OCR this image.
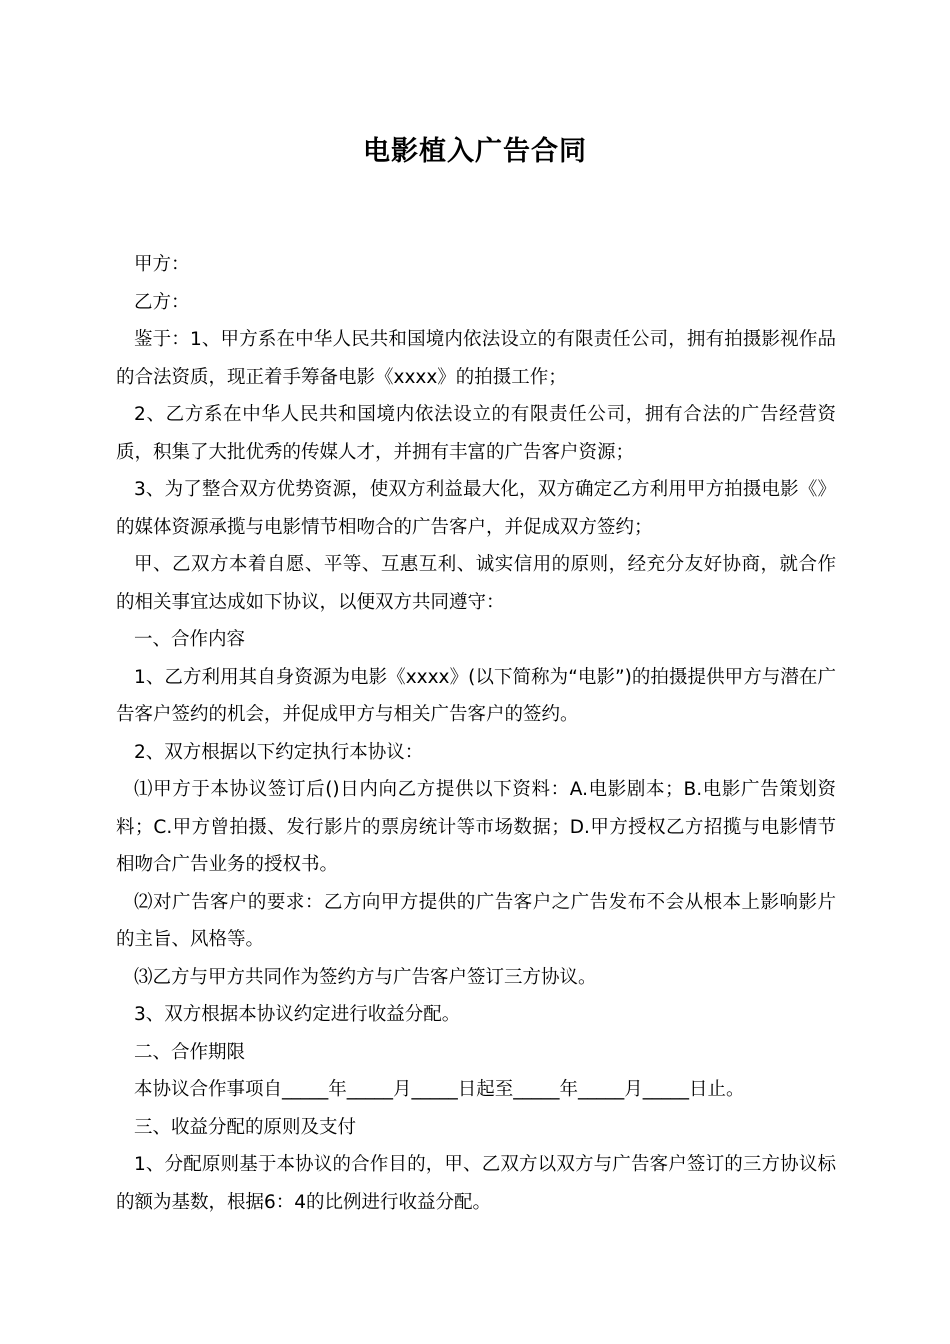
电影植入广告合同

甲方：

乙方：

鉴于：1、甲方系在中华人民共和国境内依法设立的有限责任公司，拥有拍摄影视作品的合法资质，现正着手筹备电影《xxxx》的拍摄工作；

2、乙方系在中华人民共和国境内依法设立的有限责任公司，拥有合法的广告经营资质，积集了大批优秀的传媒人才，并拥有丰富的广告客户资源；

3、为了整合双方优势资源，使双方利益最大化，双方确定乙方利用甲方拍摄电影《》的媒体资源承揽与电影情节相吻合的广告客户，并促成双方签约；

甲、乙双方本着自愿、平等、互惠互利、诚实信用的原则，经充分友好协商，就合作的相关事宜达成如下协议，以便双方共同遵守：

一、合作内容

1、乙方利用其自身资源为电影《xxxx》(以下简称为“电影”)的拍摄提供甲方与潜在广告客户签约的机会，并促成甲方与相关广告客户的签约。

2、双方根据以下约定执行本协议：

⑴甲方于本协议签订后()日内向乙方提供以下资料：A.电影剧本；B.电影广告策划资料；C.甲方曾拍摄、发行影片的票房统计等市场数据；D.甲方授权乙方招揽与电影情节相吻合广告业务的授权书。

⑵对广告客户的要求：乙方向甲方提供的广告客户之广告发布不会从根本上影响影片的主旨、风格等。

⑶乙方与甲方共同作为签约方与广告客户签订三方协议。

3、双方根据本协议约定进行收益分配。

二、合作期限

本协议合作事项自_____年_____月_____日起至_____年_____月_____日止。

三、收益分配的原则及支付

1、分配原则基于本协议的合作目的，甲、乙双方以双方与广告客户签订的三方协议标的额为基数，根据6：4的比例进行收益分配。
